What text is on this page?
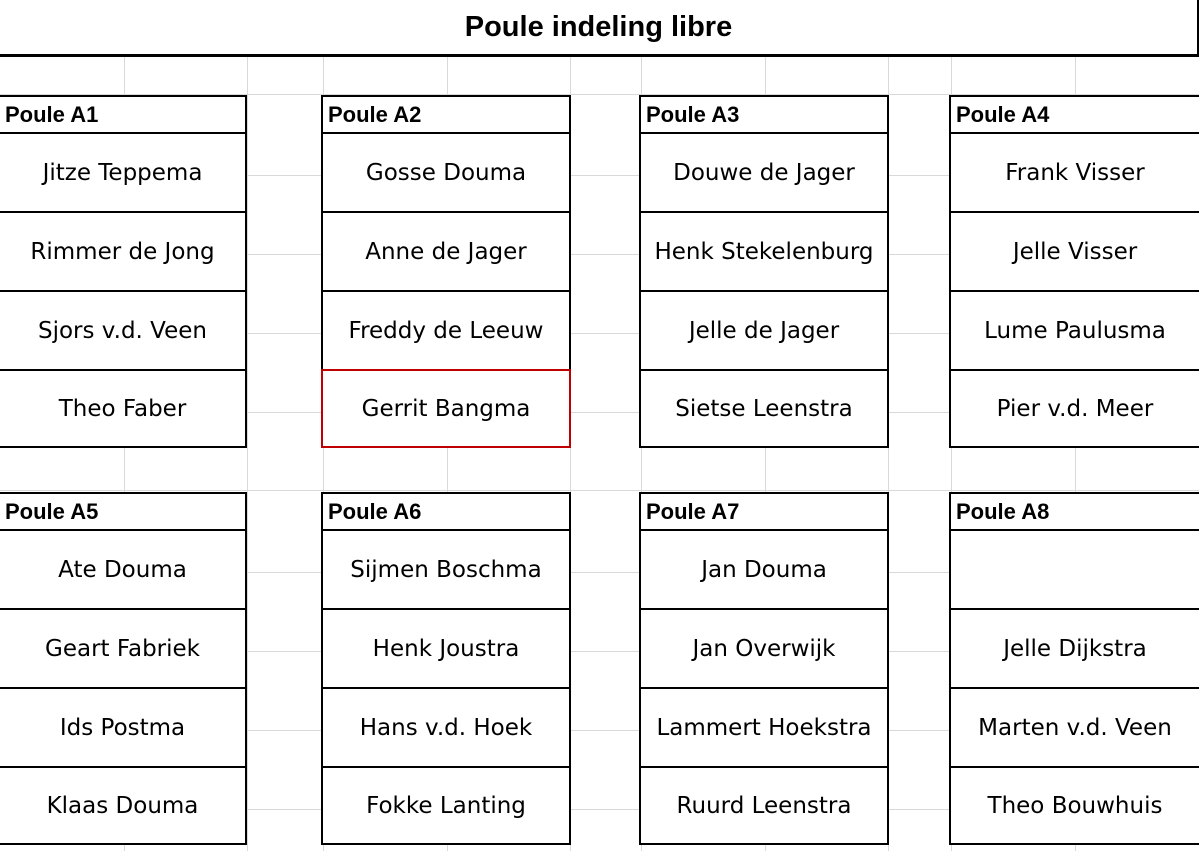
Poule indeling libre
Poule A1
Jitze Teppema
Rimmer de Jong
Sjors v.d. Veen
Theo Faber
Poule A2
Gosse Douma
Anne de Jager
Freddy de Leeuw
Gerrit Bangma
Poule A3
Douwe de Jager
Henk Stekelenburg
Jelle de Jager
Sietse Leenstra
Poule A4
Frank Visser
Jelle Visser
Lume Paulusma
Pier v.d. Meer
Poule A5
Ate Douma
Geart Fabriek
Ids Postma
Klaas Douma
Poule A6
Sijmen Boschma
Henk Joustra
Hans v.d. Hoek
Fokke Lanting
Poule A7
Jan Douma
Jan Overwijk
Lammert Hoekstra
Ruurd Leenstra
Poule A8
Jelle Dijkstra
Marten v.d. Veen
Theo Bouwhuis
